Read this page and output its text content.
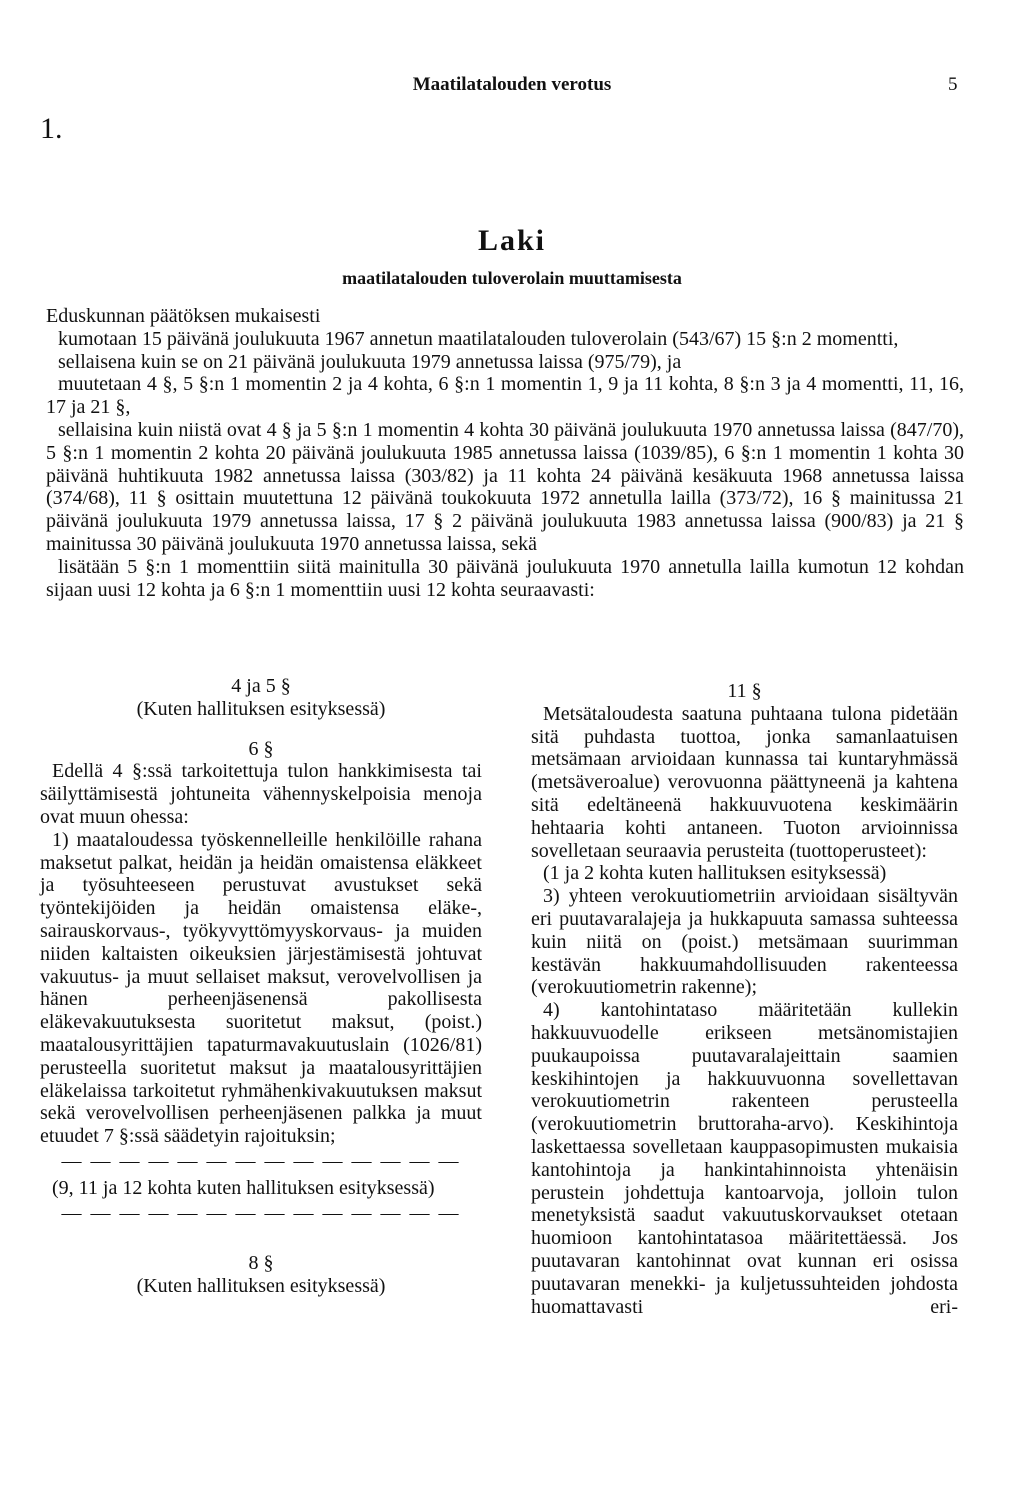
Maatilatalouden verotus	5
1.
Laki
maatilatalouden tuloverolain muuttamisesta

Eduskunnan päätöksen mukaisesti

kumotaan 15 päivänä joulukuuta 1967 annetun maatilatalouden tuloverolain (543/67) 15 §:n 2 momentti,

sellaisena kuin se on 21 päivänä joulukuuta 1979 annetussa laissa (975/79), ja

muutetaan 4 §, 5 §:n 1 momentin 2 ja 4 kohta, 6 §:n 1 momentin 1, 9 ja 11 kohta, 8 §:n 3 ja 4 momentti, 11, 16, 17 ja 21 §,

sellaisina kuin niistä ovat 4 § ja 5 §:n 1 momentin 4 kohta 30 päivänä joulukuuta 1970 annetussa laissa (847/70), 5 §:n 1 momentin 2 kohta 20 päivänä joulukuuta 1985 annetussa laissa (1039/85), 6 §:n 1 momentin 1 kohta 30 päivänä huhtikuuta 1982 annetussa laissa (303/82) ja 11 kohta 24 päivänä kesäkuuta 1968 annetussa laissa (374/68), 11 § osittain muutettuna 12 päivänä toukokuuta 1972 annetulla lailla (373/72), 16 § mainitussa 21 päivänä joulukuuta 1979 annetussa laissa, 17 § 2 päivänä joulukuuta 1983 annetussa laissa (900/83) ja 21 § mainitussa 30 päivänä joulukuuta 1970 annetussa laissa, sekä

lisätään 5 §:n 1 momenttiin siitä mainitulla 30 päivänä joulukuuta 1970 annetulla lailla kumotun 12 kohdan sijaan uusi 12 kohta ja 6 §:n 1 momenttiin uusi 12 kohta seuraavasti:

4 ja 5 §

(Kuten hallituksen esityksessä)

6 §

Edellä 4 §:ssä tarkoitettuja tulon hankkimisesta tai säilyttämisestä johtuneita vähennyskelpoisia menoja ovat muun ohessa:

1) maataloudessa työskennelleille henkilöille rahana maksetut palkat, heidän ja heidän omaistensa eläkkeet ja työsuhteeseen perustuvat avustukset sekä työntekijöiden ja heidän omaistensa eläke-, sairauskorvaus-, työkyvyttömyyskorvaus- ja muiden niiden kaltaisten oikeuksien järjestämisestä johtuvat vakuutus- ja muut sellaiset maksut, verovelvollisen ja hänen perheenjäsenensä pakollisesta eläkevakuutuksesta suoritetut maksut, (poist.) maatalousyrittäjien tapaturmavakuutuslain (1026/81) perusteella suoritetut maksut ja maatalousyrittäjien eläkelaissa tarkoitetut ryhmähenkivakuutuksen maksut sekä verovelvollisen perheenjäsenen palkka ja muut etuudet 7 §:ssä säädetyin rajoituksin;

— — — — — — — — — — — — — —

(9, 11 ja 12 kohta kuten hallituksen esityksessä)

— — — — — — — — — — — — — —

8 §

(Kuten hallituksen esityksessä)

11 §

Metsätaloudesta saatuna puhtaana tulona pidetään sitä puhdasta tuottoa, jonka samanlaatuisen metsämaan arvioidaan kunnassa tai kuntaryhmässä (metsäveroalue) verovuonna päättyneenä ja kahtena sitä edeltäneenä hakkuuvuotena keskimäärin hehtaaria kohti antaneen. Tuoton arvioinnissa sovelletaan seuraavia perusteita (tuottoperusteet):

(1 ja 2 kohta kuten hallituksen esityksessä)

3) yhteen verokuutiometriin arvioidaan sisältyvän eri puutavaralajeja ja hukkapuuta samassa suhteessa kuin niitä on (poist.) metsämaan suurimman kestävän hakkuumahdollisuuden rakenteessa (verokuutiometrin rakenne);

4) kantohintataso määritetään kullekin hakkuuvuodelle erikseen metsänomistajien puukaupoissa puutavaralajeittain saamien keskihintojen ja hakkuuvuonna sovellettavan verokuutiometrin rakenteen perusteella (verokuutiometrin bruttoraha-arvo). Keskihintoja laskettaessa sovelletaan kauppasopimusten mukaisia kantohintoja ja hankintahinnoista yhtenäisin perustein johdettuja kantoarvoja, jolloin tulon menetyksistä saadut vakuutuskorvaukset otetaan huomioon kantohintatasoa määritettäessä. Jos puutavaran kantohinnat ovat kunnan eri osissa puutavaran menekki- ja kuljetussuhteiden johdosta huomattavasti eri-
